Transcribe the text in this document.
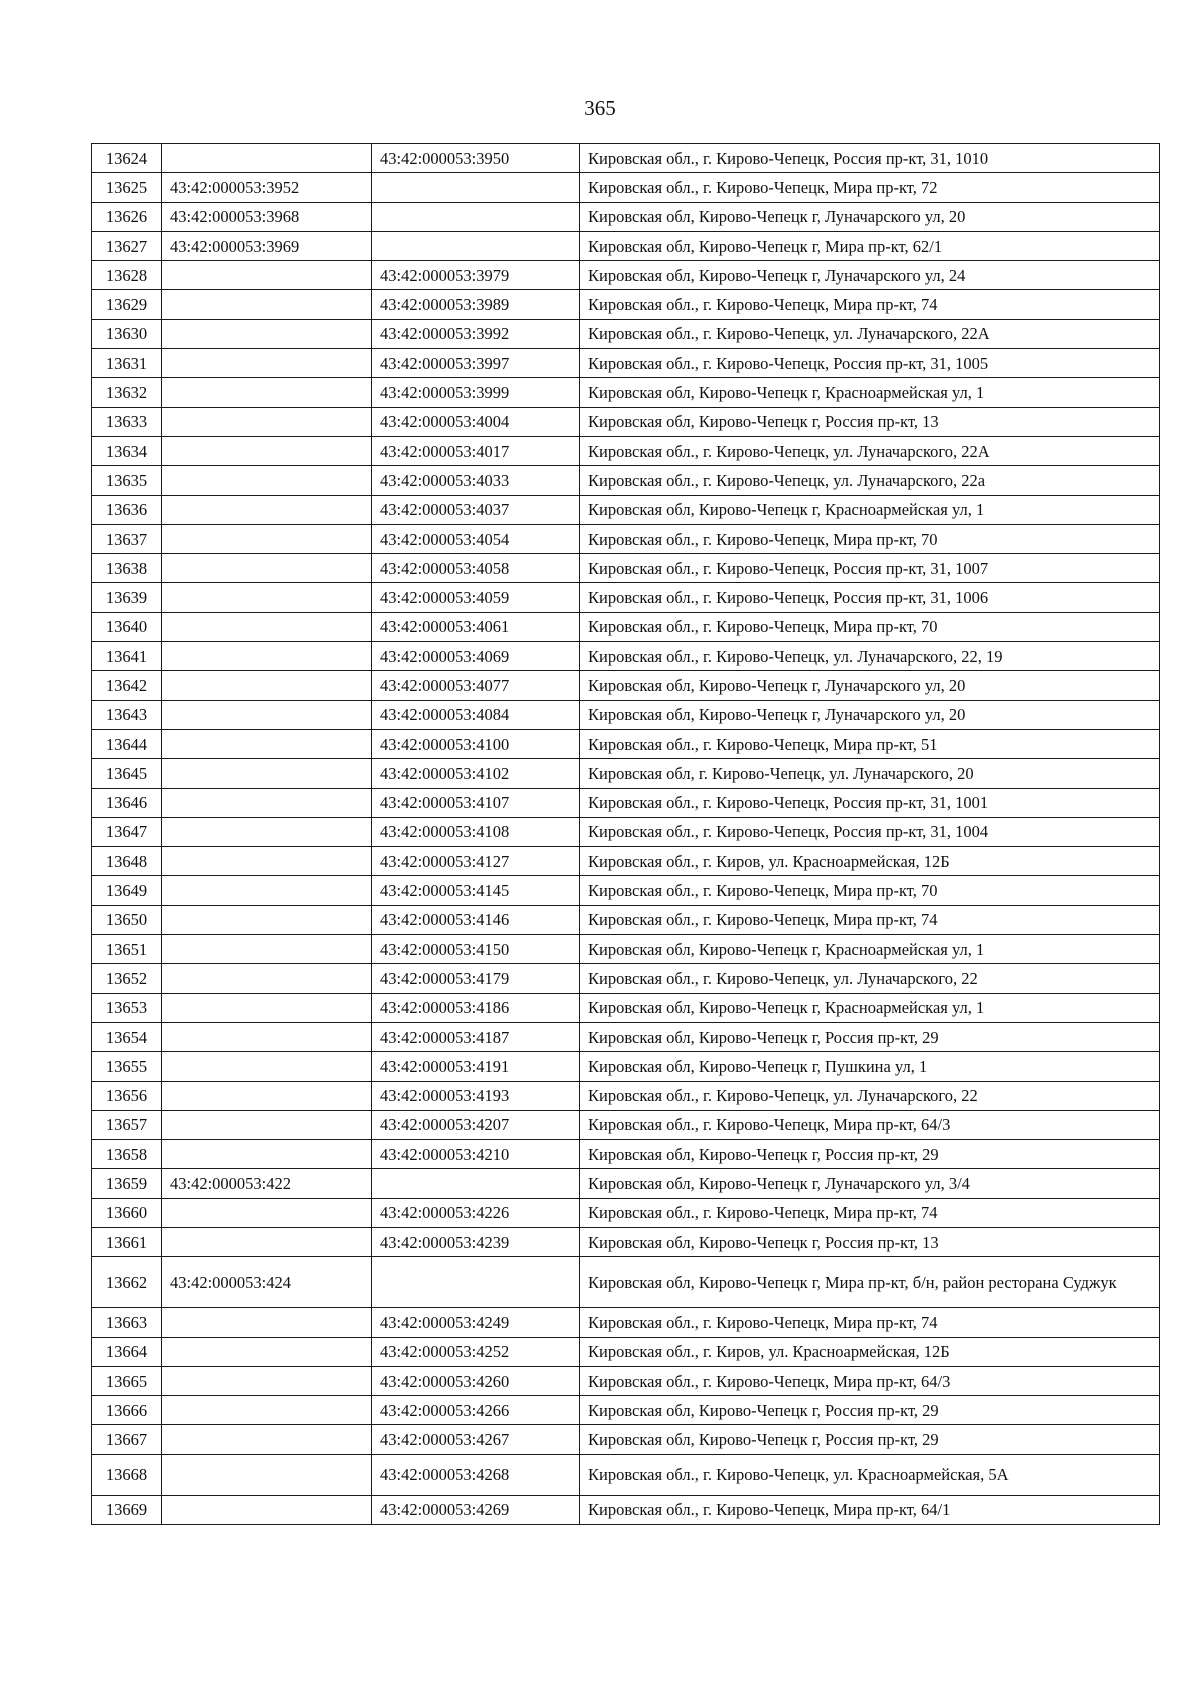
365
13624		43:42:000053:3950	Кировская обл., г. Кирово-Чепецк, Россия пр-кт, 31, 1010
13625	43:42:000053:3952		Кировская обл., г. Кирово-Чепецк, Мира пр-кт, 72
13626	43:42:000053:3968		Кировская обл, Кирово-Чепецк г, Луначарского ул, 20
13627	43:42:000053:3969		Кировская обл, Кирово-Чепецк г, Мира пр-кт, 62/1
13628		43:42:000053:3979	Кировская обл, Кирово-Чепецк г, Луначарского ул, 24
13629		43:42:000053:3989	Кировская обл., г. Кирово-Чепецк, Мира пр-кт, 74
13630		43:42:000053:3992	Кировская обл., г. Кирово-Чепецк, ул. Луначарского, 22А
13631		43:42:000053:3997	Кировская обл., г. Кирово-Чепецк, Россия пр-кт, 31, 1005
13632		43:42:000053:3999	Кировская обл, Кирово-Чепецк г, Красноармейская ул, 1
13633		43:42:000053:4004	Кировская обл, Кирово-Чепецк г, Россия пр-кт, 13
13634		43:42:000053:4017	Кировская обл., г. Кирово-Чепецк, ул. Луначарского, 22А
13635		43:42:000053:4033	Кировская обл., г. Кирово-Чепецк, ул. Луначарского, 22а
13636		43:42:000053:4037	Кировская обл, Кирово-Чепецк г, Красноармейская ул, 1
13637		43:42:000053:4054	Кировская обл., г. Кирово-Чепецк, Мира пр-кт, 70
13638		43:42:000053:4058	Кировская обл., г. Кирово-Чепецк, Россия пр-кт, 31, 1007
13639		43:42:000053:4059	Кировская обл., г. Кирово-Чепецк, Россия пр-кт, 31, 1006
13640		43:42:000053:4061	Кировская обл., г. Кирово-Чепецк, Мира пр-кт, 70
13641		43:42:000053:4069	Кировская обл., г. Кирово-Чепецк, ул. Луначарского, 22, 19
13642		43:42:000053:4077	Кировская обл, Кирово-Чепецк г, Луначарского ул, 20
13643		43:42:000053:4084	Кировская обл, Кирово-Чепецк г, Луначарского ул, 20
13644		43:42:000053:4100	Кировская обл., г. Кирово-Чепецк, Мира пр-кт, 51
13645		43:42:000053:4102	Кировская обл, г. Кирово-Чепецк, ул. Луначарского, 20
13646		43:42:000053:4107	Кировская обл., г. Кирово-Чепецк, Россия пр-кт, 31, 1001
13647		43:42:000053:4108	Кировская обл., г. Кирово-Чепецк, Россия пр-кт, 31, 1004
13648		43:42:000053:4127	Кировская обл., г. Киров, ул. Красноармейская, 12Б
13649		43:42:000053:4145	Кировская обл., г. Кирово-Чепецк, Мира пр-кт, 70
13650		43:42:000053:4146	Кировская обл., г. Кирово-Чепецк, Мира пр-кт, 74
13651		43:42:000053:4150	Кировская обл, Кирово-Чепецк г, Красноармейская ул, 1
13652		43:42:000053:4179	Кировская обл., г. Кирово-Чепецк, ул. Луначарского, 22
13653		43:42:000053:4186	Кировская обл, Кирово-Чепецк г, Красноармейская ул, 1
13654		43:42:000053:4187	Кировская обл, Кирово-Чепецк г, Россия пр-кт, 29
13655		43:42:000053:4191	Кировская обл, Кирово-Чепецк г, Пушкина ул, 1
13656		43:42:000053:4193	Кировская обл., г. Кирово-Чепецк, ул. Луначарского, 22
13657		43:42:000053:4207	Кировская обл., г. Кирово-Чепецк, Мира пр-кт, 64/3
13658		43:42:000053:4210	Кировская обл, Кирово-Чепецк г, Россия пр-кт, 29
13659	43:42:000053:422		Кировская обл, Кирово-Чепецк г, Луначарского ул, 3/4
13660		43:42:000053:4226	Кировская обл., г. Кирово-Чепецк, Мира пр-кт, 74
13661		43:42:000053:4239	Кировская обл, Кирово-Чепецк г, Россия пр-кт, 13
13662	43:42:000053:424		Кировская обл, Кирово-Чепецк г, Мира пр-кт, б/н, район ресторана Суджук
13663		43:42:000053:4249	Кировская обл., г. Кирово-Чепецк, Мира пр-кт, 74
13664		43:42:000053:4252	Кировская обл., г. Киров, ул. Красноармейская, 12Б
13665		43:42:000053:4260	Кировская обл., г. Кирово-Чепецк, Мира пр-кт, 64/3
13666		43:42:000053:4266	Кировская обл, Кирово-Чепецк г, Россия пр-кт, 29
13667		43:42:000053:4267	Кировская обл, Кирово-Чепецк г, Россия пр-кт, 29
13668		43:42:000053:4268	Кировская обл., г. Кирово-Чепецк, ул. Красноармейская, 5А
13669		43:42:000053:4269	Кировская обл., г. Кирово-Чепецк, Мира пр-кт, 64/1
